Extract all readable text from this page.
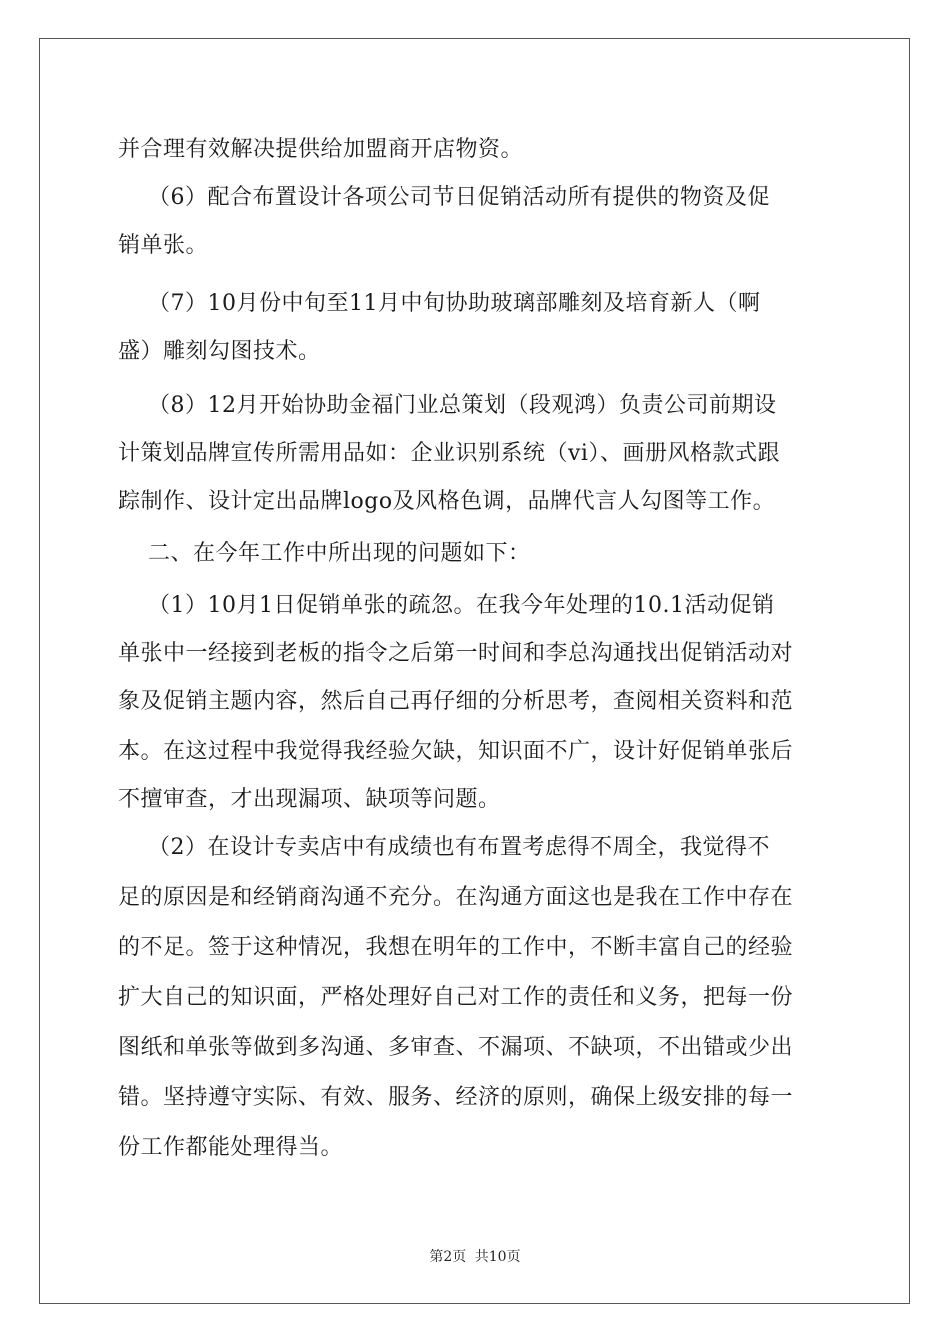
并合理有效解决提供给加盟商开店物资。
（6）配合布置设计各项公司节日促销活动所有提供的物资及促
销单张。
（7）10月份中旬至11月中旬协助玻璃部雕刻及培育新人（啊
盛）雕刻勾图技术。
（8）12月开始协助金福门业总策划（段观鸿）负责公司前期设
计策划品牌宣传所需用品如：企业识别系统（vi）、画册风格款式跟
踪制作、设计定出品牌logo及风格色调，品牌代言人勾图等工作。
二、在今年工作中所出现的问题如下：
（1）10月1日促销单张的疏忽。在我今年处理的10.1活动促销
单张中一经接到老板的指令之后第一时间和李总沟通找出促销活动对
象及促销主题内容，然后自己再仔细的分析思考，查阅相关资料和范
本。在这过程中我觉得我经验欠缺，知识面不广，设计好促销单张后
不擅审查，才出现漏项、缺项等问题。
（2）在设计专卖店中有成绩也有布置考虑得不周全，我觉得不
足的原因是和经销商沟通不充分。在沟通方面这也是我在工作中存在
的不足。签于这种情况，我想在明年的工作中，不断丰富自己的经验
扩大自己的知识面，严格处理好自己对工作的责任和义务，把每一份
图纸和单张等做到多沟通、多审查、不漏项、不缺项，不出错或少出
错。坚持遵守实际、有效、服务、经济的原则，确保上级安排的每一
份工作都能处理得当。
第2页 共10页
